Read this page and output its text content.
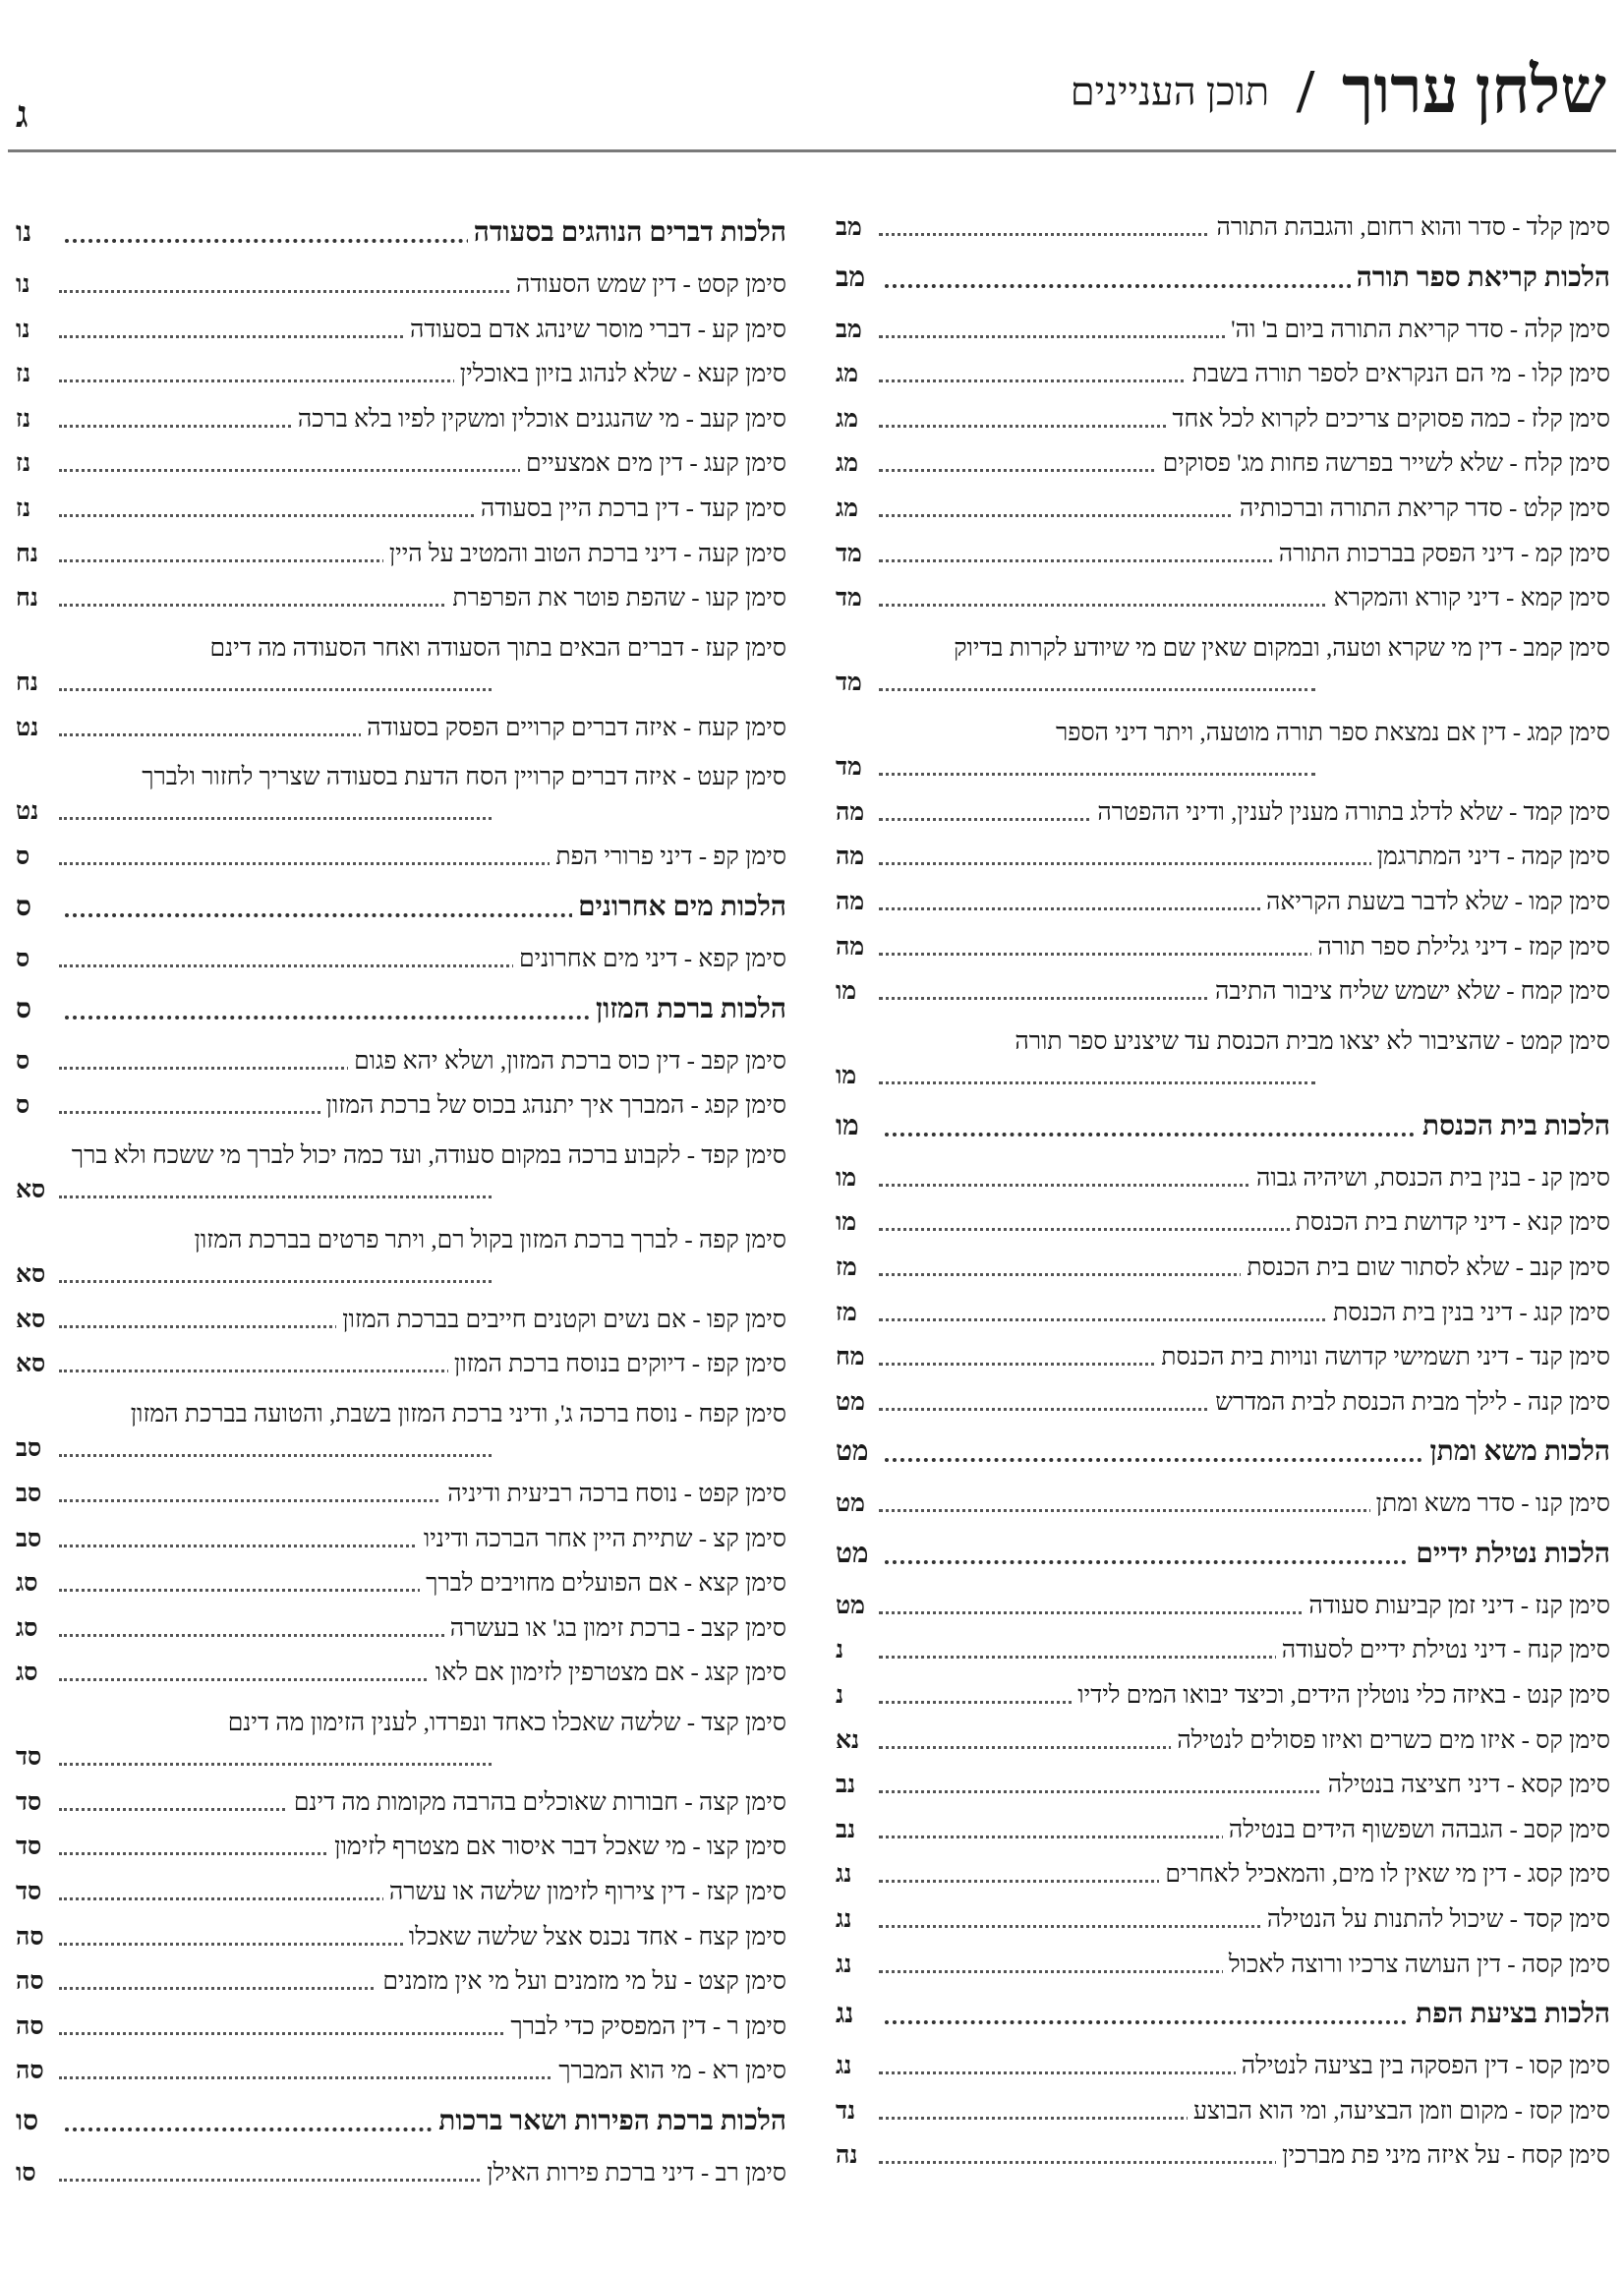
ג	שלחן ערוך / תוכן העניינים
סימן קלד - סדר והוא רחום, והגבהת התורה
מב
הלכות קריאת ספר תורה
מב
סימן קלה - סדר קריאת התורה ביום ב' וה'
מב
סימן קלו - מי הם הנקראים לספר תורה בשבת
מג
סימן קלז - כמה פסוקים צריכים לקרוא לכל אחד
מג
סימן קלח - שלא לשייר בפרשה פחות מג' פסוקים
מג
סימן קלט - סדר קריאת התורה וברכותיה
מג
סימן קמ - דיני הפסק בברכות התורה
מד
סימן קמא - דיני קורא והמקרא
מד
סימן קמב - דין מי שקרא וטעה, ובמקום שאין שם מי שיודע לקרות בדיוק
מד
סימן קמג - דין אם נמצאת ספר תורה מוטעה, ויתר דיני הספר
מד
סימן קמד - שלא לדלג בתורה מענין לענין, ודיני ההפטרה
מה
סימן קמה - דיני המתרגמן
מה
סימן קמו - שלא לדבר בשעת הקריאה
מה
סימן קמז - דיני גלילת ספר תורה
מה
סימן קמח - שלא ישמש שליח ציבור התיבה
מו
סימן קמט - שהציבור לא יצאו מבית הכנסת עד שיצניע ספר תורה
מו
הלכות בית הכנסת
מו
סימן קנ - בנין בית הכנסת, ושיהיה גבוה
מו
סימן קנא - דיני קדושת בית הכנסת
מו
סימן קנב - שלא לסתור שום בית הכנסת
מז
סימן קנג - דיני בנין בית הכנסת
מז
סימן קנד - דיני תשמישי קדושה ונויות בית הכנסת
מח
סימן קנה - לילך מבית הכנסת לבית המדרש
מט
הלכות משא ומתן
מט
סימן קנו - סדר משא ומתן
מט
הלכות נטילת ידיים
מט
סימן קנז - דיני זמן קביעות סעודה
מט
סימן קנח - דיני נטילת ידיים לסעודה
נ
סימן קנט - באיזה כלי נוטלין הידים, וכיצד יבואו המים לידיו
נ
סימן קס - איזו מים כשרים ואיזו פסולים לנטילה
נא
סימן קסא - דיני חציצה בנטילה
נב
סימן קסב - הגבהה ושפשוף הידים בנטילה
נב
סימן קסג - דין מי שאין לו מים, והמאכיל לאחרים
נג
סימן קסד - שיכול להתנות על הנטילה
נג
סימן קסה - דין העושה צרכיו ורוצה לאכול
נג
הלכות בציעת הפת
נג
סימן קסו - דין הפסקה בין בציעה לנטילה
נג
סימן קסז - מקום וזמן הבציעה, ומי הוא הבוצע
נד
סימן קסח - על איזה מיני פת מברכין
נה
הלכות דברים הנוהגים בסעודה
נו
סימן קסט - דין שמש הסעודה
נו
סימן קע - דברי מוסר שינהג אדם בסעודה
נו
סימן קעא - שלא לנהוג בזיון באוכלין
נז
סימן קעב - מי שהנגנים אוכלין ומשקין לפיו בלא ברכה
נז
סימן קעג - דין מים אמצעיים
נז
סימן קעד - דין ברכת היין בסעודה
נז
סימן קעה - דיני ברכת הטוב והמטיב על היין
נח
סימן קעו - שהפת פוטר את הפרפרת
נח
סימן קעז - דברים הבאים בתוך הסעודה ואחר הסעודה מה דינם
נח
סימן קעח - איזה דברים קרויים הפסק בסעודה
נט
סימן קעט - איזה דברים קרויין הסח הדעת בסעודה שצריך לחזור ולברך
נט
סימן קפ - דיני פרורי הפת
ס
הלכות מים אחרונים
ס
סימן קפא - דיני מים אחרונים
ס
הלכות ברכת המזון
ס
סימן קפב - דין כוס ברכת המזון, ושלא יהא פגום
ס
סימן קפג - המברך איך יתנהג בכוס של ברכת המזון
ס
סימן קפד - לקבוע ברכה במקום סעודה, ועד כמה יכול לברך מי ששכח ולא ברך
סא
סימן קפה - לברך ברכת המזון בקול רם, ויתר פרטים בברכת המזון
סא
סימן קפו - אם נשים וקטנים חייבים בברכת המזון
סא
סימן קפז - דיוקים בנוסח ברכת המזון
סא
סימן קפח - נוסח ברכה ג', ודיני ברכת המזון בשבת, והטועה בברכת המזון
סב
סימן קפט - נוסח ברכה רביעית ודיניה
סב
סימן קצ - שתיית היין אחר הברכה ודיניו
סב
סימן קצא - אם הפועלים מחויבים לברך
סג
סימן קצב - ברכת זימון בג' או בעשרה
סג
סימן קצג - אם מצטרפין לזימון אם לאו
סג
סימן קצד - שלשה שאכלו כאחד ונפרדו, לענין הזימון מה דינם
סד
סימן קצה - חבורות שאוכלים בהרבה מקומות מה דינם
סד
סימן קצו - מי שאכל דבר איסור אם מצטרף לזימון
סד
סימן קצז - דין צירוף לזימון שלשה או עשרה
סד
סימן קצח - אחד נכנס אצל שלשה שאכלו
סה
סימן קצט - על מי מזמנים ועל מי אין מזמנים
סה
סימן ר - דין המפסיק כדי לברך
סה
סימן רא - מי הוא המברך
סה
הלכות ברכת הפירות ושאר ברכות
סו
סימן רב - דיני ברכת פירות האילן
סו
